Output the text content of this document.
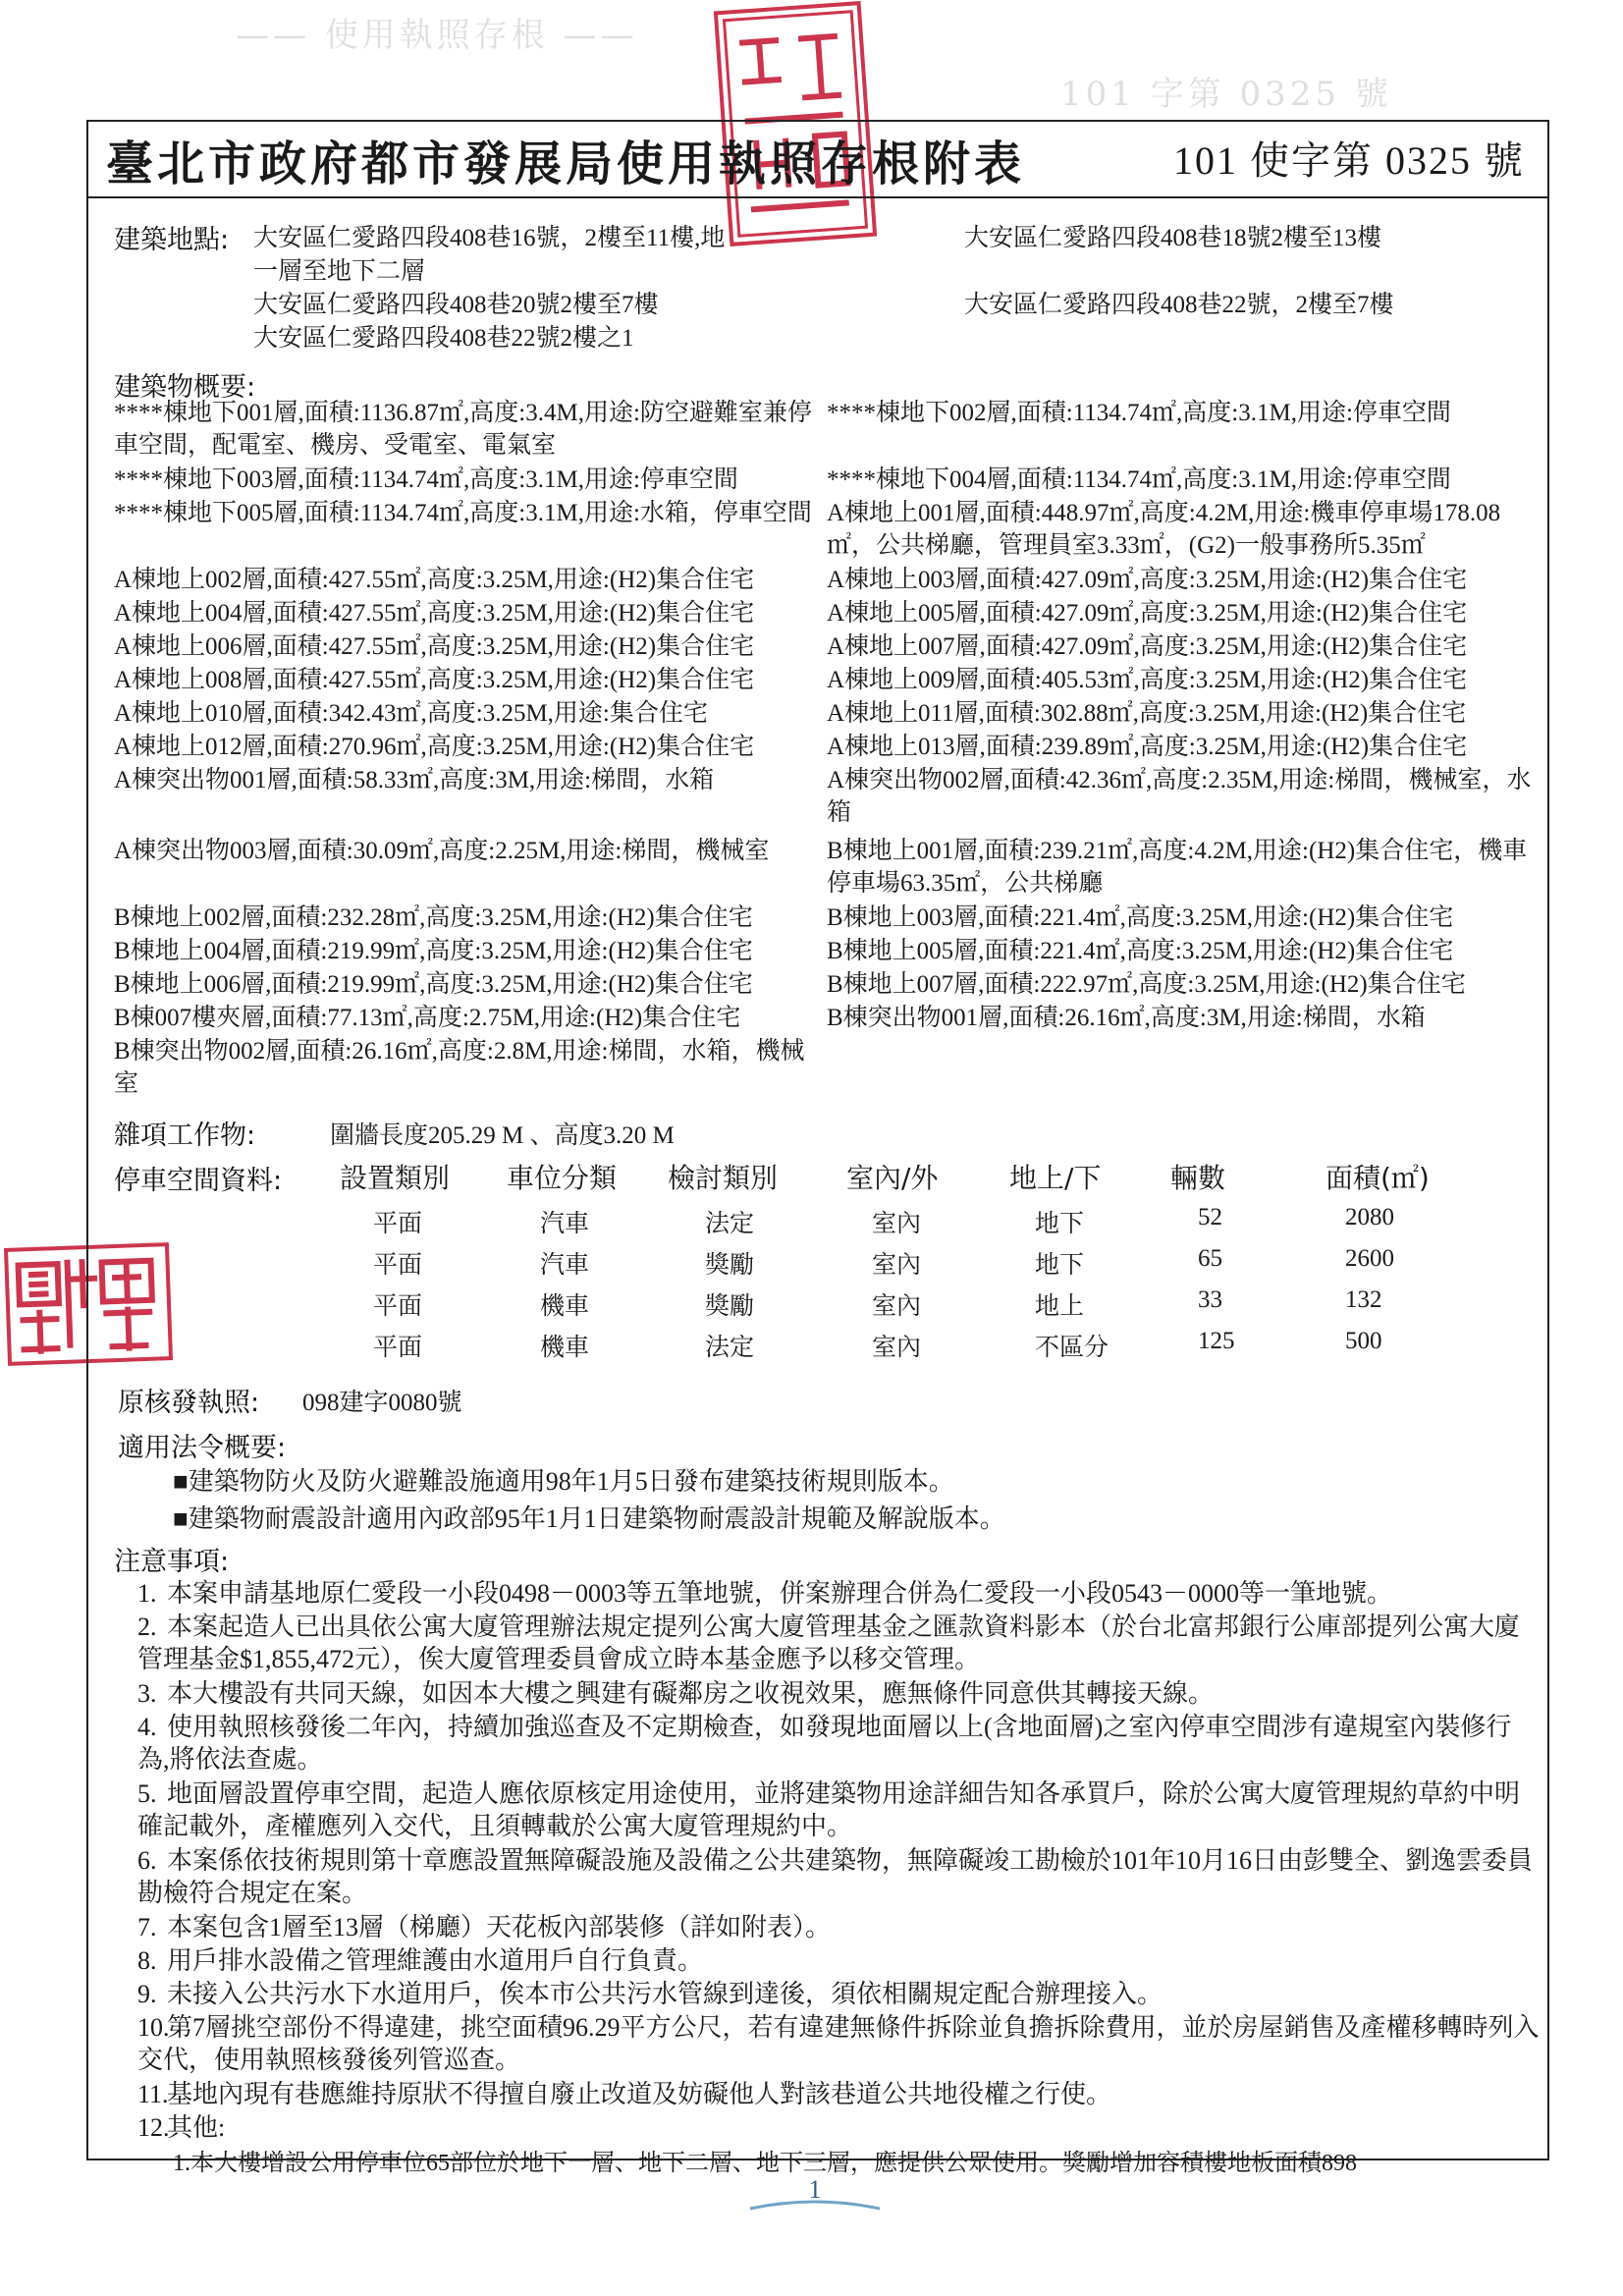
—— 使用執照存根 ——
101 字第 0325 號
臺北市政府都市發展局使用執照存根附表	101 使字第 0325 號
建築地點: 大安區仁愛路四段408巷16號，2樓至11樓,地	大安區仁愛路四段408巷18號2樓至13樓
一層至地下二層
大安區仁愛路四段408巷20號2樓至7樓	大安區仁愛路四段408巷22號，2樓至7樓
大安區仁愛路四段408巷22號2樓之1
建築物概要:
****棟地下001層,面積:1136.87㎡,高度:3.4M,用途:防空避難室兼停車空間，配電室、機房、受電室、電氣室
****棟地下002層,面積:1134.74㎡,高度:3.1M,用途:停車空間
****棟地下003層,面積:1134.74㎡,高度:3.1M,用途:停車空間	****棟地下004層,面積:1134.74㎡,高度:3.1M,用途:停車空間
****棟地下005層,面積:1134.74㎡,高度:3.1M,用途:水箱，停車空間 A棟地上001層,面積:448.97㎡,高度:4.2M,用途:機車停車場178.08㎡，公共梯廳，管理員室3.33㎡，(G2)一般事務所5.35㎡
A棟地上002層,面積:427.55㎡,高度:3.25M,用途:(H2)集合住宅	A棟地上003層,面積:427.09㎡,高度:3.25M,用途:(H2)集合住宅
A棟地上004層,面積:427.55㎡,高度:3.25M,用途:(H2)集合住宅	A棟地上005層,面積:427.09㎡,高度:3.25M,用途:(H2)集合住宅
A棟地上006層,面積:427.55㎡,高度:3.25M,用途:(H2)集合住宅	A棟地上007層,面積:427.09㎡,高度:3.25M,用途:(H2)集合住宅
A棟地上008層,面積:427.55㎡,高度:3.25M,用途:(H2)集合住宅	A棟地上009層,面積:405.53㎡,高度:3.25M,用途:(H2)集合住宅
A棟地上010層,面積:342.43㎡,高度:3.25M,用途:集合住宅	A棟地上011層,面積:302.88㎡,高度:3.25M,用途:(H2)集合住宅
A棟地上012層,面積:270.96㎡,高度:3.25M,用途:(H2)集合住宅	A棟地上013層,面積:239.89㎡,高度:3.25M,用途:(H2)集合住宅
A棟突出物001層,面積:58.33㎡,高度:3M,用途:梯間，水箱	A棟突出物002層,面積:42.36㎡,高度:2.35M,用途:梯間，機械室，水箱
A棟突出物003層,面積:30.09㎡,高度:2.25M,用途:梯間，機械室	B棟地上001層,面積:239.21㎡,高度:4.2M,用途:(H2)集合住宅，機車停車場63.35㎡，公共梯廳
B棟地上002層,面積:232.28㎡,高度:3.25M,用途:(H2)集合住宅	B棟地上003層,面積:221.4㎡,高度:3.25M,用途:(H2)集合住宅
B棟地上004層,面積:219.99㎡,高度:3.25M,用途:(H2)集合住宅	B棟地上005層,面積:221.4㎡,高度:3.25M,用途:(H2)集合住宅
B棟地上006層,面積:219.99㎡,高度:3.25M,用途:(H2)集合住宅	B棟地上007層,面積:222.97㎡,高度:3.25M,用途:(H2)集合住宅
B棟007樓夾層,面積:77.13㎡,高度:2.75M,用途:(H2)集合住宅	B棟突出物001層,面積:26.16㎡,高度:3M,用途:梯間，水箱
B棟突出物002層,面積:26.16㎡,高度:2.8M,用途:梯間，水箱，機械室
雜項工作物:	圍牆長度205.29 M 、高度3.20 M
停車空間資料: 設置類別 車位分類 檢討類別 室內/外	地上/下	輛數	面積(㎡)
平面	汽車	法定	室內	地下	52	2080
平面	汽車	獎勵	室內	地下	65	2600
平面	機車	獎勵	室內	地上	33	132
平面	機車	法定	室內	不區分	125	500
原核發執照: 098建字0080號
適用法令概要:
■建築物防火及防火避難設施適用98年1月5日發布建築技術規則版本。
■建築物耐震設計適用內政部95年1月1日建築物耐震設計規範及解說版本。
注意事項:
1. 本案申請基地原仁愛段一小段0498－0003等五筆地號，併案辦理合併為仁愛段一小段0543－0000等一筆地號。
2. 本案起造人已出具依公寓大廈管理辦法規定提列公寓大廈管理基金之匯款資料影本（於台北富邦銀行公庫部提列公寓大廈管理基金$1,855,472元），俟大廈管理委員會成立時本基金應予以移交管理。
3. 本大樓設有共同天線，如因本大樓之興建有礙鄰房之收視效果，應無條件同意供其轉接天線。
4. 使用執照核發後二年內，持續加強巡查及不定期檢查，如發現地面層以上(含地面層)之室內停車空間涉有違規室內裝修行為,將依法查處。
5. 地面層設置停車空間，起造人應依原核定用途使用，並將建築物用途詳細告知各承買戶，除於公寓大廈管理規約草約中明確記載外，產權應列入交代，且須轉載於公寓大廈管理規約中。
6. 本案係依技術規則第十章應設置無障礙設施及設備之公共建築物，無障礙竣工勘檢於101年10月16日由彭雙全、劉逸雲委員勘檢符合規定在案。
7. 本案包含1層至13層（梯廳）天花板內部裝修（詳如附表）。
8. 用戶排水設備之管理維護由水道用戶自行負責。
9. 未接入公共污水下水道用戶，俟本市公共污水管線到達後，須依相關規定配合辦理接入。
10.第7層挑空部份不得違建，挑空面積96.29平方公尺，若有違建無條件拆除並負擔拆除費用，並於房屋銷售及產權移轉時列入交代，使用執照核發後列管巡查。
11.基地內現有巷應維持原狀不得擅自廢止改道及妨礙他人對該巷道公共地役權之行使。
12.其他:
1.本大樓增設公用停車位65部位於地下一層、地下二層、地下三層，應提供公眾使用。獎勵增加容積樓地板面積898
1
